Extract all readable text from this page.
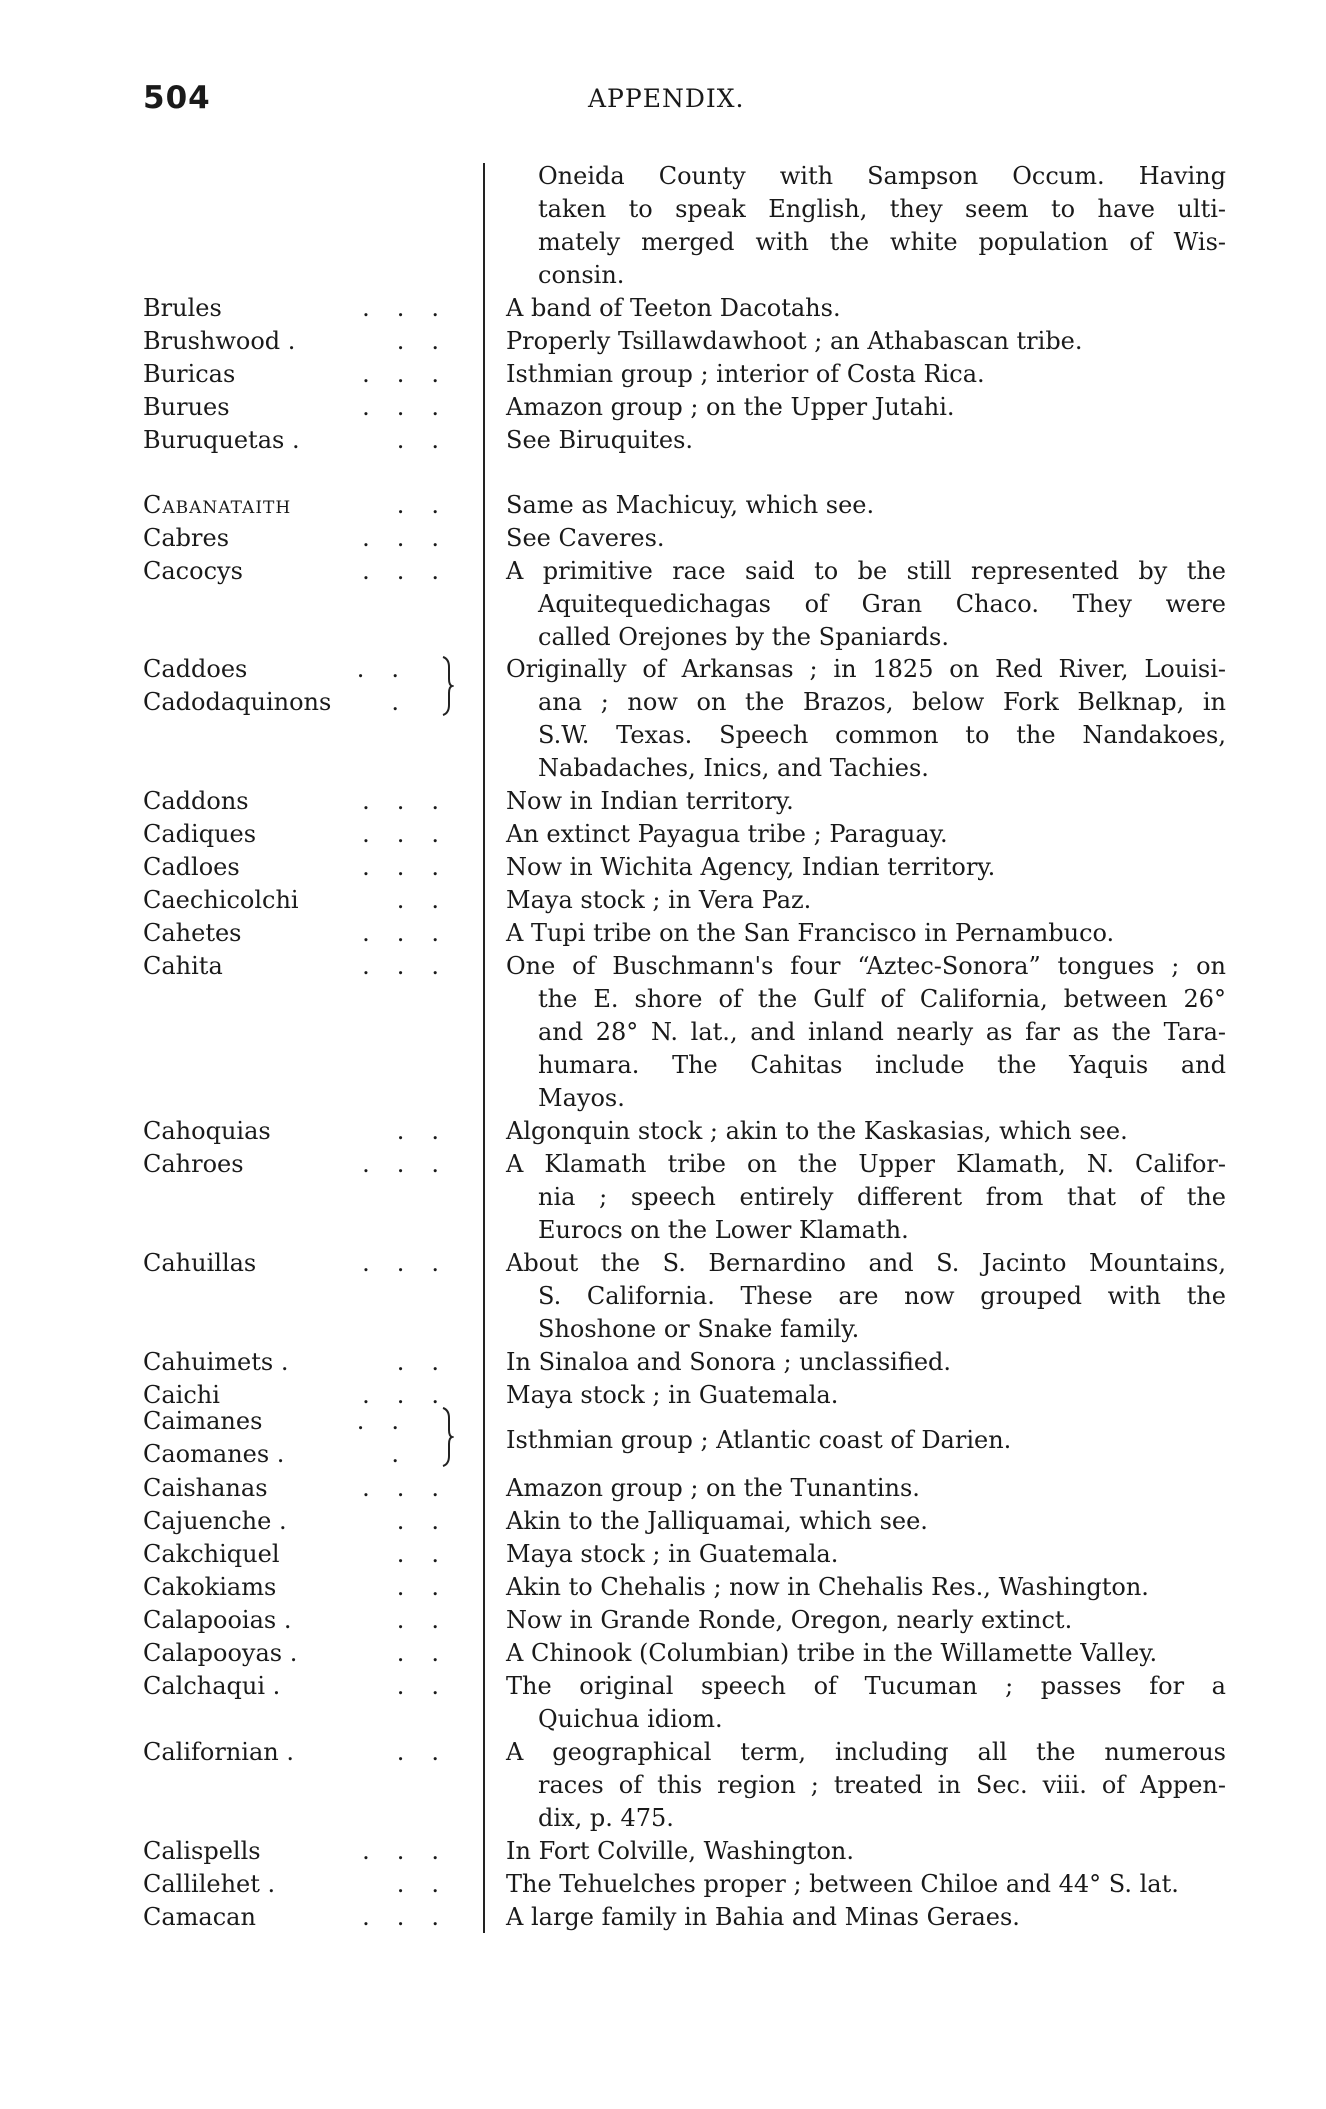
504	APPENDIX.
Oneida County with Sampson Occum. Having
taken to speak English, they seem to have ulti-
mately merged with the white population of Wis-
consin.
Brules	... A band of Teeton Dacotahs.
Brushwood .	.. Properly Tsillawdawhoot ; an Athabascan tribe.
Buricas	... Isthmian group ; interior of Costa Rica.
Burues	... Amazon group ; on the Upper Jutahi.
Buruquetas .	.. See Biruquites.
Cabanataith	.. Same as Machicuy, which see.
Cabres	... See Caveres.
Cacocys	... A primitive race said to be still represented by the
Aquitequedichagas of Gran Chaco. They were
called Orejones by the Spaniards.
Caddoes	..
Cadodaquinons	.
Originally of Arkansas ; in 1825 on Red River, Louisi-
ana ; now on the Brazos, below Fork Belknap, in
S.W. Texas. Speech common to the Nandakoes,
Nabadaches, Inics, and Tachies.
Caddons	... Now in Indian territory.
Cadiques	... An extinct Payagua tribe ; Paraguay.
Cadloes	... Now in Wichita Agency, Indian territory.
Caechicolchi	.. Maya stock ; in Vera Paz.
Cahetes	... A Tupi tribe on the San Francisco in Pernambuco.
Cahita	... One of Buschmann's four “Aztec-Sonora” tongues ; on
the E. shore of the Gulf of California, between 26°
and 28° N. lat., and inland nearly as far as the Tara-
humara. The Cahitas include the Yaquis and
Mayos.
Cahoquias	.. Algonquin stock ; akin to the Kaskasias, which see.
Cahroes	... A Klamath tribe on the Upper Klamath, N. Califor-
nia ; speech entirely different from that of the
Eurocs on the Lower Klamath.
Cahuillas	... About the S. Bernardino and S. Jacinto Mountains,
S. California. These are now grouped with the
Shoshone or Snake family.
Cahuimets .	.. In Sinaloa and Sonora ; unclassified.
Caichi	... Maya stock ; in Guatemala.
Caimanes	..
Caomanes .	.	Isthmian group ; Atlantic coast of Darien.
Caishanas	... Amazon group ; on the Tunantins.
Cajuenche .	.. Akin to the Jalliquamai, which see.
Cakchiquel	.. Maya stock ; in Guatemala.
Cakokiams	.. Akin to Chehalis ; now in Chehalis Res., Washington.
Calapooias .	.. Now in Grande Ronde, Oregon, nearly extinct.
Calapooyas .	.. A Chinook (Columbian) tribe in the Willamette Valley.
Calchaqui .	.. The original speech of Tucuman ; passes for a
Quichua idiom.
Californian .	.. A geographical term, including all the numerous
races of this region ; treated in Sec. viii. of Appen-
dix, p. 475.
Calispells	... In Fort Colville, Washington.
Callilehet .	.. The Tehuelches proper ; between Chiloe and 44° S. lat.
Camacan	... A large family in Bahia and Minas Geraes.
